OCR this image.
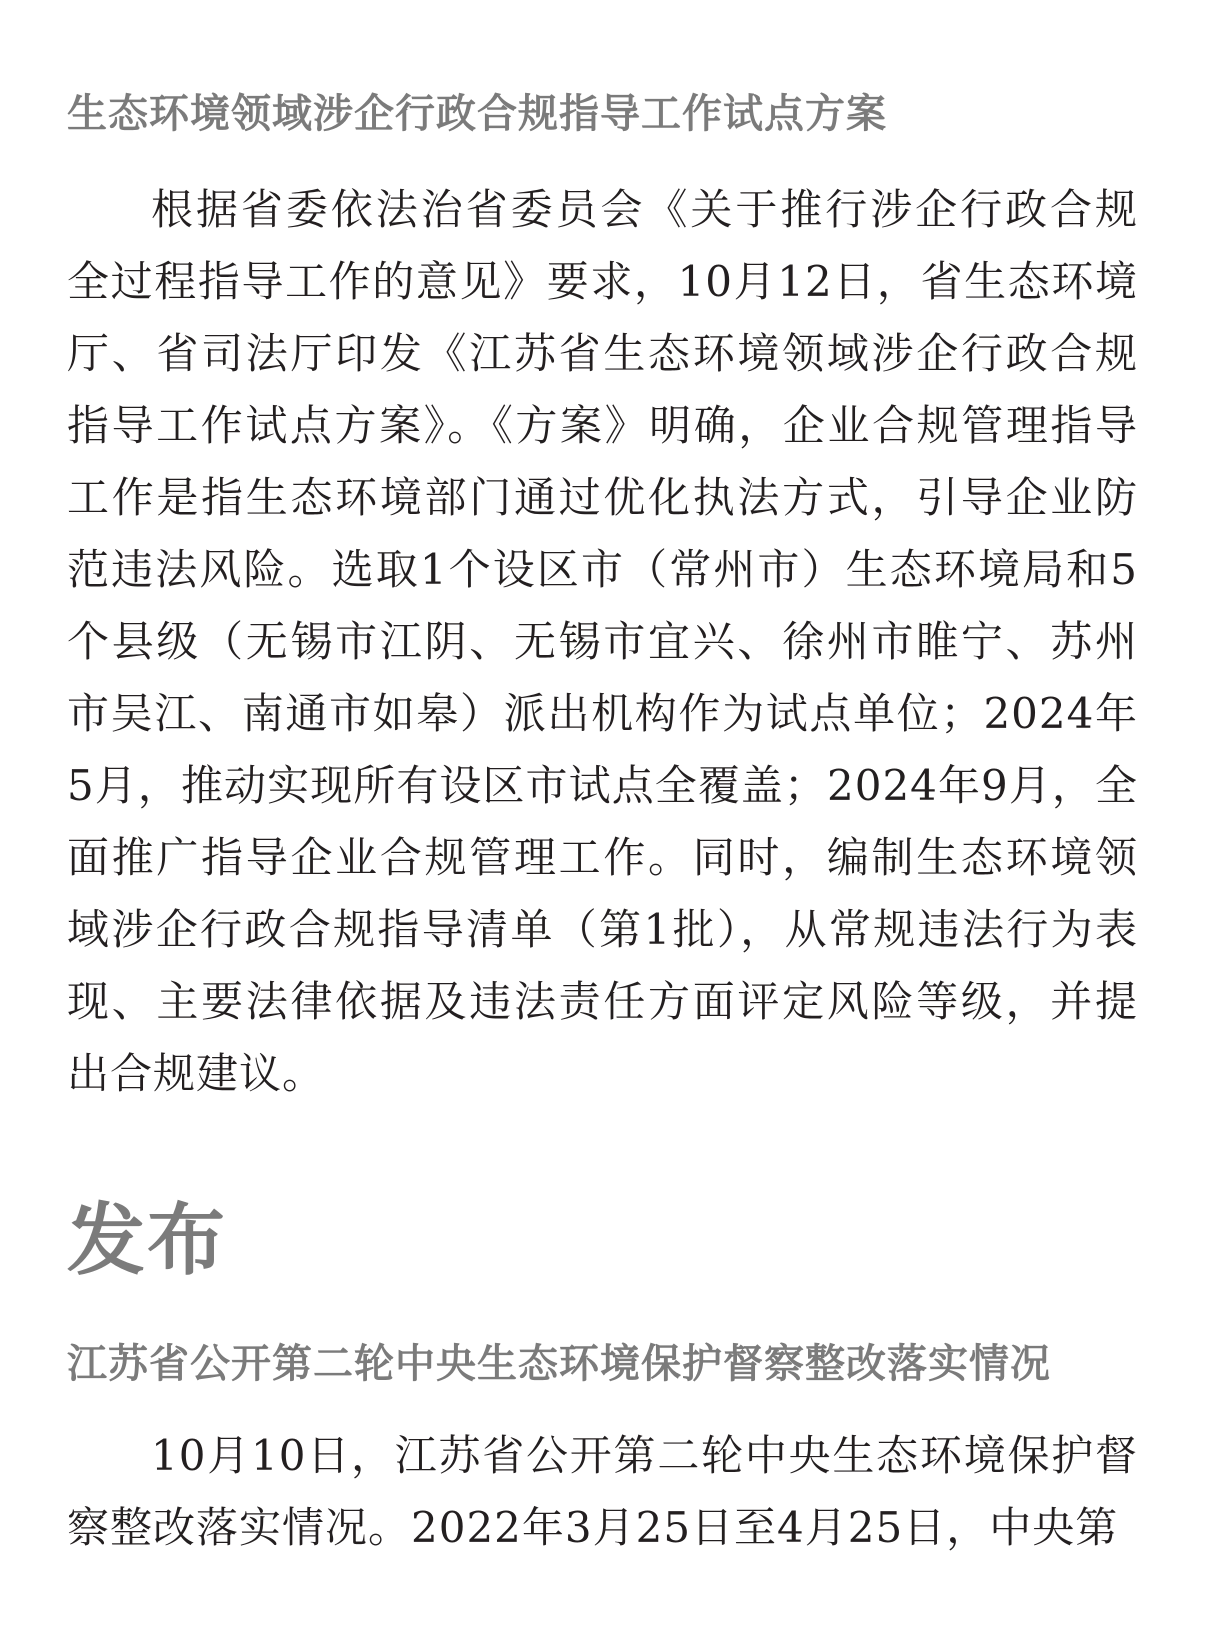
生态环境领域涉企行政合规指导工作试点方案

根据省委依法治省委员会《关于推行涉企行政合规全过程指导工作的意见》要求，10月12日，省生态环境厅、省司法厅印发《江苏省生态环境领域涉企行政合规指导工作试点方案》。《方案》明确，企业合规管理指导工作是指生态环境部门通过优化执法方式，引导企业防范违法风险。选取1个设区市（常州市）生态环境局和5个县级（无锡市江阴、无锡市宜兴、徐州市睢宁、苏州市吴江、南通市如皋）派出机构作为试点单位；2024年5月，推动实现所有设区市试点全覆盖；2024年9月，全面推广指导企业合规管理工作。同时，编制生态环境领域涉企行政合规指导清单（第1批），从常规违法行为表现、主要法律依据及违法责任方面评定风险等级，并提出合规建议。

发布
江苏省公开第二轮中央生态环境保护督察整改落实情况

10月10日，江苏省公开第二轮中央生态环境保护督察整改落实情况。2022年3月25日至4月25日，中央第
